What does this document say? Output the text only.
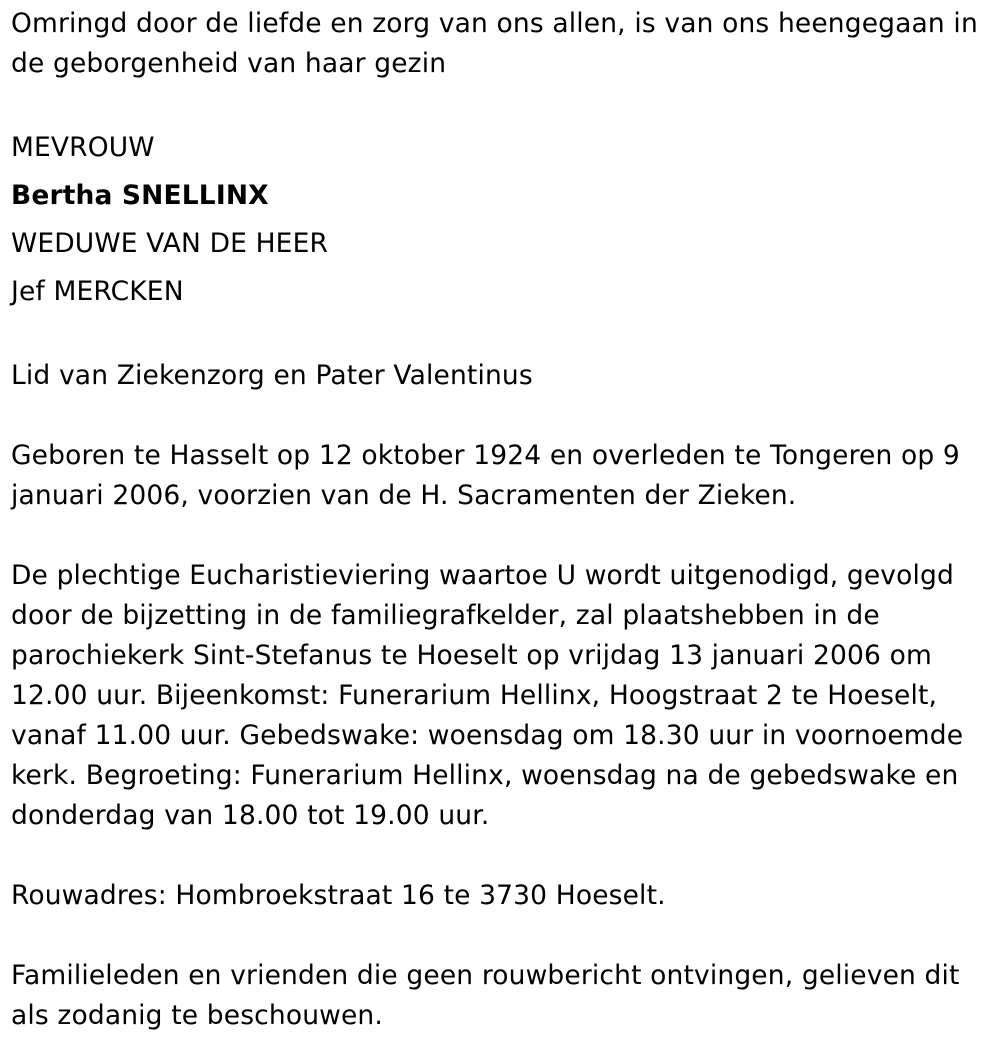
Omringd door de liefde en zorg van ons allen, is van ons heengegaan in de geborgenheid van haar gezin

MEVROUW
Bertha SNELLINX
WEDUWE VAN DE HEER
Jef MERCKEN

Lid van Ziekenzorg en Pater Valentinus

Geboren te Hasselt op 12 oktober 1924 en overleden te Tongeren op 9 januari 2006, voorzien van de H. Sacramenten der Zieken.

De plechtige Eucharistieviering waartoe U wordt uitgenodigd, gevolgd door de bijzetting in de familiegrafkelder, zal plaatshebben in de parochiekerk Sint-Stefanus te Hoeselt op vrijdag 13 januari 2006 om 12.00 uur. Bijeenkomst: Funerarium Hellinx, Hoogstraat 2 te Hoeselt, vanaf 11.00 uur. Gebedswake: woensdag om 18.30 uur in voornoemde kerk. Begroeting: Funerarium Hellinx, woensdag na de gebedswake en donderdag van 18.00 tot 19.00 uur.

Rouwadres: Hombroekstraat 16 te 3730 Hoeselt.

Familieleden en vrienden die geen rouwbericht ontvingen, gelieven dit als zodanig te beschouwen.
